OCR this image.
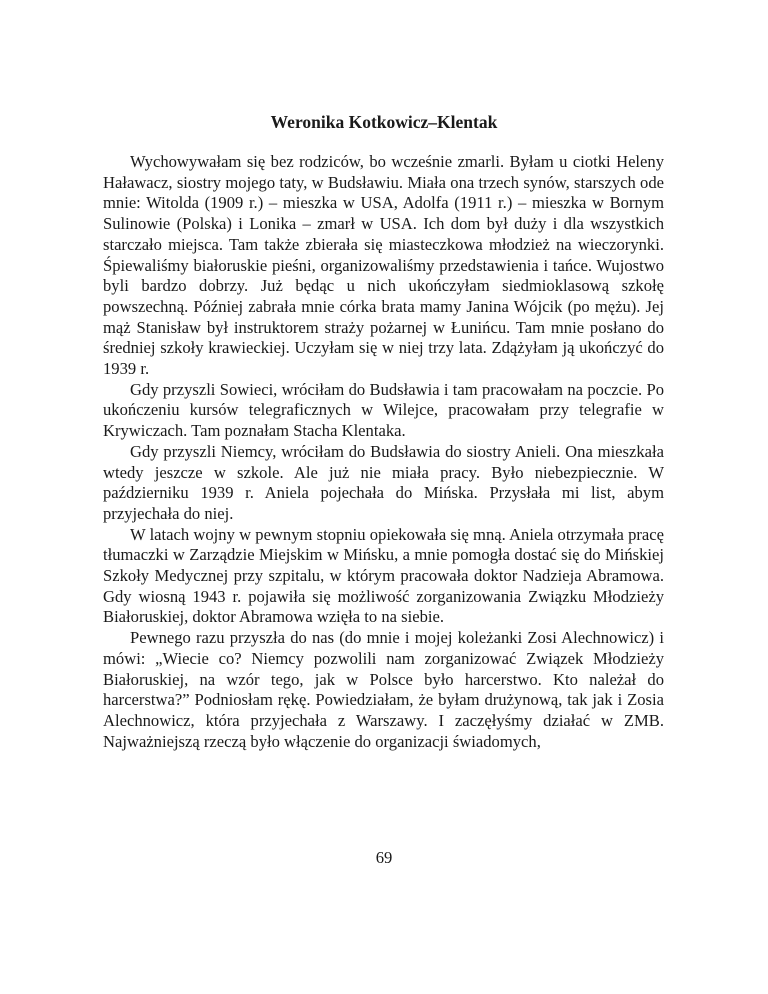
Weronika Kotkowicz–Klentak

Wychowywałam się bez rodziców, bo wcześnie zmarli. Byłam u ciotki Heleny Haławacz, siostry mojego taty, w Budsławiu. Miała ona trzech synów, starszych ode mnie: Witolda (1909 r.) – mieszka w USA, Adolfa (1911 r.) – mieszka w Bornym Sulinowie (Polska) i Lonika – zmarł w USA. Ich dom był duży i dla wszystkich starczało miejsca. Tam także zbierała się miasteczkowa młodzież na wieczorynki. Śpiewaliśmy białoruskie pieśni, organizowaliśmy przedstawienia i tańce. Wujostwo byli bardzo dobrzy. Już będąc u nich ukończyłam siedmioklasową szkołę powszechną. Później zabrała mnie córka brata mamy Janina Wójcik (po mężu). Jej mąż Stanisław był instruktorem straży pożarnej w Łunińcu. Tam mnie posłano do średniej szkoły krawieckiej. Uczyłam się w niej trzy lata. Zdążyłam ją ukończyć do 1939 r.

Gdy przyszli Sowieci, wróciłam do Budsławia i tam pracowałam na poczcie. Po ukończeniu kursów telegraficznych w Wilejce, pracowałam przy telegrafie w Krywiczach. Tam poznałam Stacha Klentaka.

Gdy przyszli Niemcy, wróciłam do Budsławia do siostry Anieli. Ona mieszkała wtedy jeszcze w szkole. Ale już nie miała pracy. Było niebezpiecznie. W październiku 1939 r. Aniela pojechała do Mińska. Przysłała mi list, abym przyjechała do niej.

W latach wojny w pewnym stopniu opiekowała się mną. Aniela otrzymała pracę tłumaczki w Zarządzie Miejskim w Mińsku, a mnie pomogła dostać się do Mińskiej Szkoły Medycznej przy szpitalu, w którym pracowała doktor Nadzieja Abramowa. Gdy wiosną 1943 r. pojawiła się możliwość zorganizowania Związku Młodzieży Białoruskiej, doktor Abramowa wzięła to na siebie.

Pewnego razu przyszła do nas (do mnie i mojej koleżanki Zosi Alechnowicz) i mówi: „Wiecie co? Niemcy pozwolili nam zorganizować Związek Młodzieży Białoruskiej, na wzór tego, jak w Polsce było harcerstwo. Kto należał do harcerstwa?” Podniosłam rękę. Powiedziałam, że byłam drużynową, tak jak i Zosia Alechnowicz, która przyjechała z Warszawy. I zaczęłyśmy działać w ZMB. Najważniejszą rzeczą było włączenie do organizacji świadomych,

69
